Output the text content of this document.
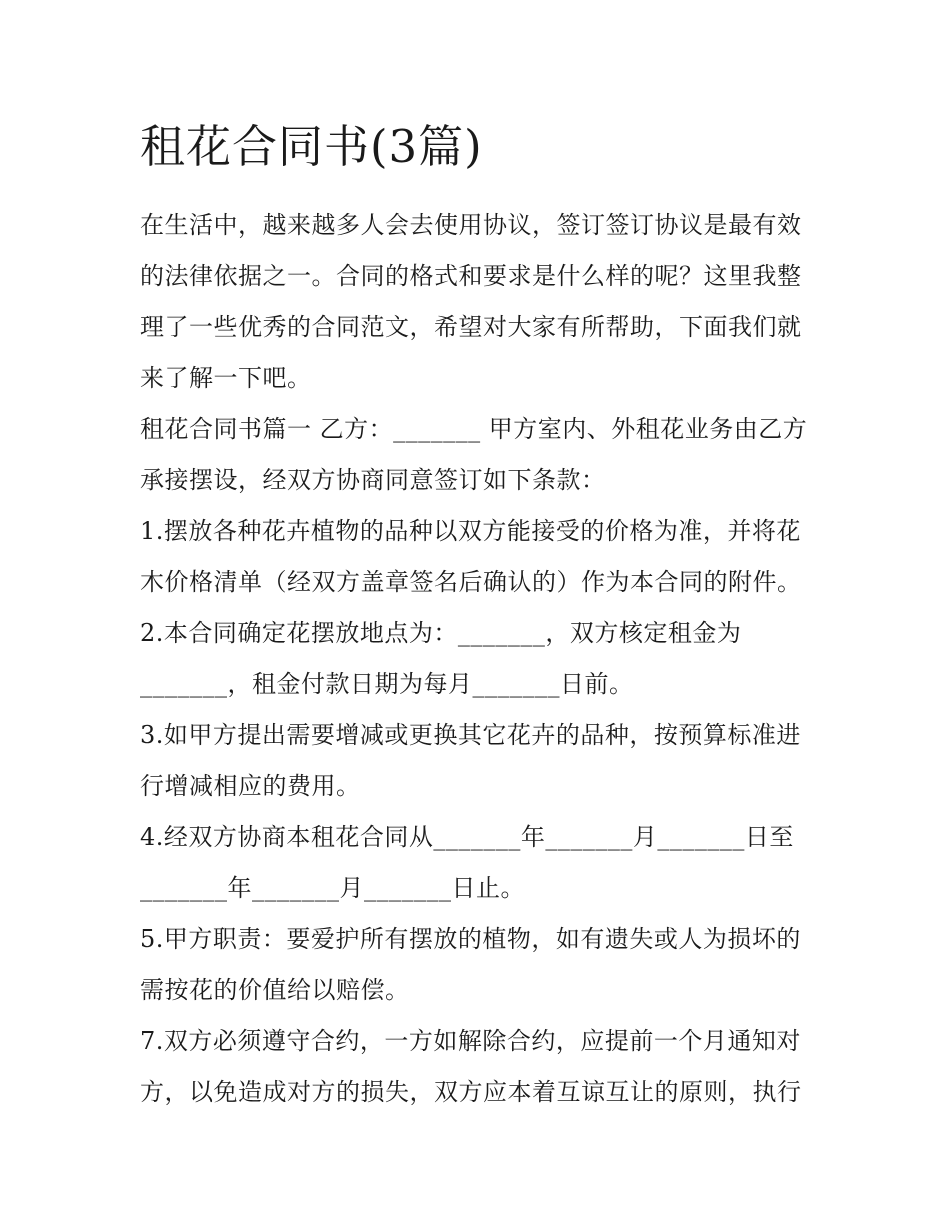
租花合同书(3篇)
在生活中，越来越多人会去使用协议，签订签订协议是最有效
的法律依据之一。合同的格式和要求是什么样的呢？这里我整
理了一些优秀的合同范文，希望对大家有所帮助，下面我们就
来了解一下吧。
租花合同书篇一 乙方：_______ 甲方室内、外租花业务由乙方
承接摆设，经双方协商同意签订如下条款：
1.摆放各种花卉植物的品种以双方能接受的价格为准，并将花
木价格清单（经双方盖章签名后确认的）作为本合同的附件。
2.本合同确定花摆放地点为：_______，双方核定租金为
_______，租金付款日期为每月_______日前。
3.如甲方提出需要增减或更换其它花卉的品种，按预算标准进
行增减相应的费用。
4.经双方协商本租花合同从_______年_______月_______日至
_______年_______月_______日止。
5.甲方职责：要爱护所有摆放的植物，如有遗失或人为损坏的
需按花的价值给以赔偿。
7.双方必须遵守合约，一方如解除合约，应提前一个月通知对
方，以免造成对方的损失，双方应本着互谅互让的原则，执行
